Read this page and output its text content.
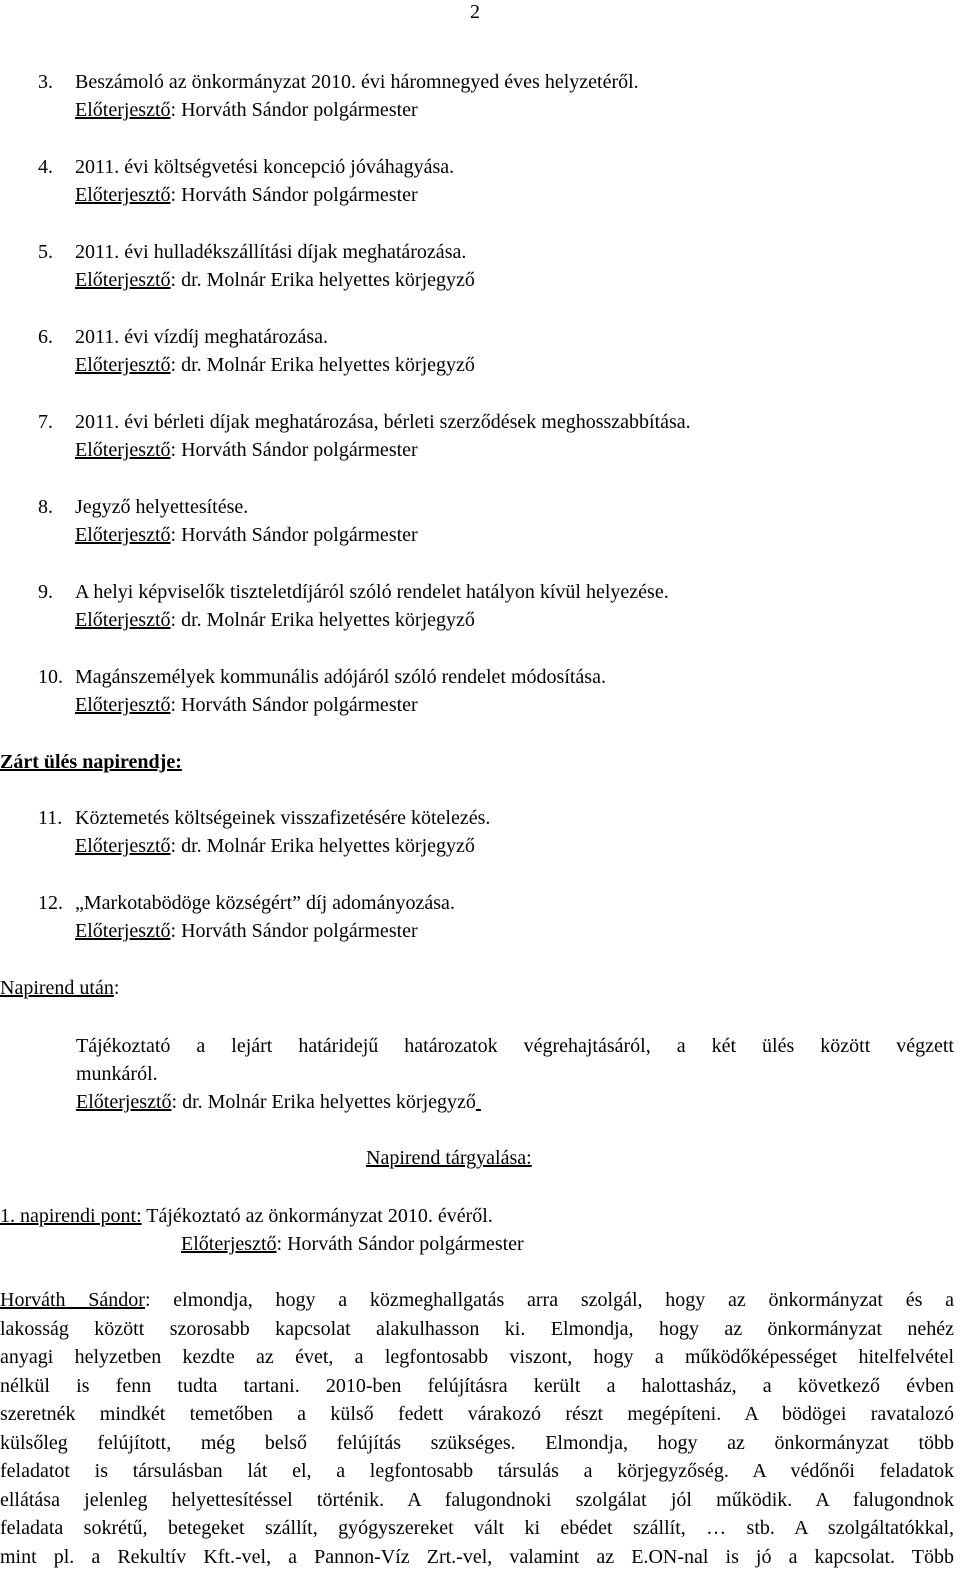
2
3. Beszámoló az önkormányzat 2010. évi háromnegyed éves helyzetéről.
Előterjesztő: Horváth Sándor polgármester
4. 2011. évi költségvetési koncepció jóváhagyása.
Előterjesztő: Horváth Sándor polgármester
5. 2011. évi hulladékszállítási díjak meghatározása.
Előterjesztő: dr. Molnár Erika helyettes körjegyző
6. 2011. évi vízdíj meghatározása.
Előterjesztő: dr. Molnár Erika helyettes körjegyző
7. 2011. évi bérleti díjak meghatározása, bérleti szerződések meghosszabbítása.
Előterjesztő: Horváth Sándor polgármester
8. Jegyző helyettesítése.
Előterjesztő: Horváth Sándor polgármester
9. A helyi képviselők tiszteletdíjáról szóló rendelet hatályon kívül helyezése.
Előterjesztő: dr. Molnár Erika helyettes körjegyző
10. Magánszemélyek kommunális adójáról szóló rendelet módosítása.
Előterjesztő: Horváth Sándor polgármester
Zárt ülés napirendje:
11. Köztemetés költségeinek visszafizetésére kötelezés.
Előterjesztő: dr. Molnár Erika helyettes körjegyző
12. „Markotabödöge községért” díj adományozása.
Előterjesztő: Horváth Sándor polgármester
Napirend után:
Tájékoztató a lejárt határidejű határozatok végrehajtásáról, a két ülés között végzett
munkáról.
Előterjesztő: dr. Molnár Erika helyettes körjegyző
Napirend tárgyalása:
1. napirendi pont: Tájékoztató az önkormányzat 2010. évéről.
Előterjesztő: Horváth Sándor polgármester
Horváth Sándor: elmondja, hogy a közmeghallgatás arra szolgál, hogy az önkormányzat és a
lakosság között szorosabb kapcsolat alakulhasson ki. Elmondja, hogy az önkormányzat nehéz
anyagi helyzetben kezdte az évet, a legfontosabb viszont, hogy a működőképességet hitelfelvétel
nélkül is fenn tudta tartani. 2010-ben felújításra került a halottasház, a következő évben
szeretnék mindkét temetőben a külső fedett várakozó részt megépíteni. A bödögei ravatalozó
külsőleg felújított, még belső felújítás szükséges. Elmondja, hogy az önkormányzat több
feladatot is társulásban lát el, a legfontosabb társulás a körjegyzőség. A védőnői feladatok
ellátása jelenleg helyettesítéssel történik. A falugondnoki szolgálat jól működik. A falugondnok
feladata sokrétű, betegeket szállít, gyógyszereket vált ki ebédet szállít, … stb. A szolgáltatókkal,
mint pl. a Rekultív Kft.-vel, a Pannon-Víz Zrt.-vel, valamint az E.ON-nal is jó a kapcsolat. Több
